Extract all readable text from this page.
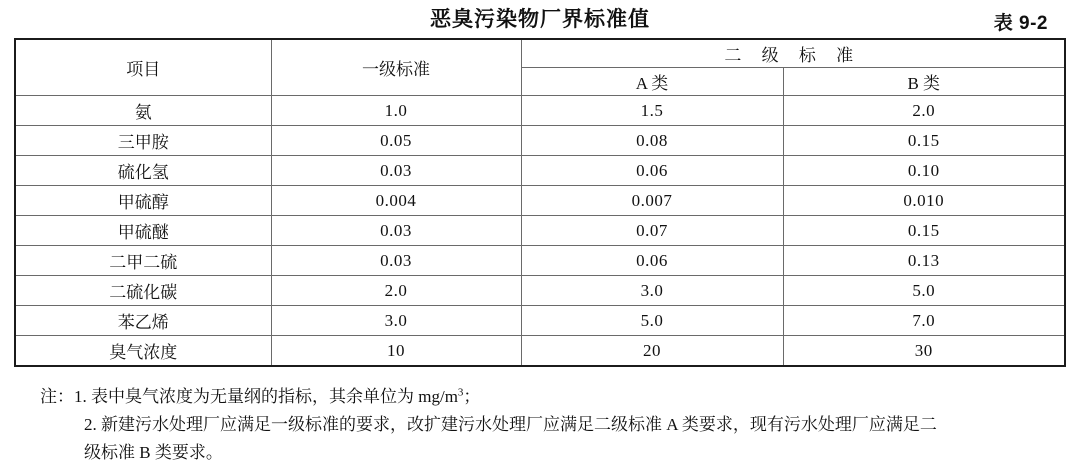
恶臭污染物厂界标准值	表 9-2
项目	一级标准	二 级 标 准	
		A 类	B 类
氨	1.0	1.5	2.0
三甲胺	0.05	0.08	0.15
硫化氢	0.03	0.06	0.10
甲硫醇	0.004	0.007	0.010
甲硫醚	0.03	0.07	0.15
二甲二硫	0.03	0.06	0.13
二硫化碳	2.0	3.0	5.0
苯乙烯	3.0	5.0	7.0
臭气浓度	10	20	30
注： 1. 表中臭气浓度为无量纲的指标，其余单位为 $mg/m^3$；
2. 新建污水处理厂应满足一级标准的要求，改扩建污水处理厂应满足二级标准 A 类要求，现有污水处理厂应满足二
级标准 B 类要求。
